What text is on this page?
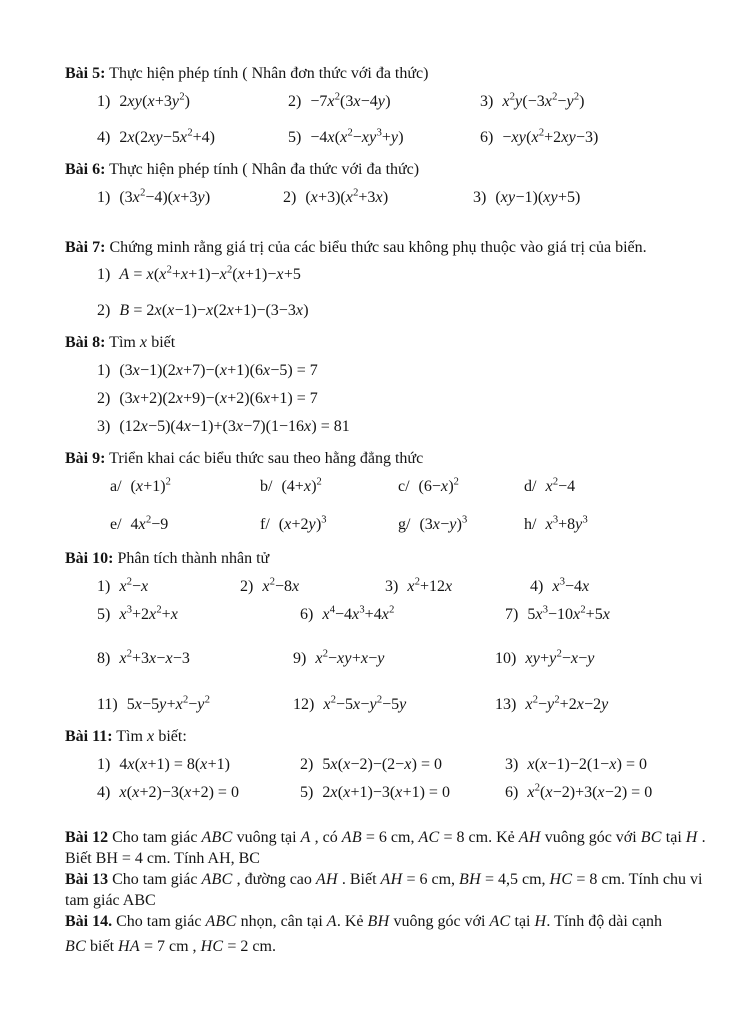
Bài 5: Thực hiện phép tính ( Nhân đơn thức với đa thức)
1) $2xy(x+3y^2)$	$2) -7x^2(3x-4y)$	3) $x^2y(-3x^2-y^2)$
4) $2x(2xy-5x^2+4)$	$5) -4x(x^2-xy^3+y)$	$6) -xy(x^2+2xy-3)$
Bài 6: Thực hiện phép tính ( Nhân đa thức với đa thức)
1) $(3x^2-4)(x+3y)$	2) $(x+3)(x^2+3x)$	3) (xy−1)(xy+5)
Bài 7: Chứng minh rằng giá trị của các biểu thức sau không phụ thuộc vào giá trị của biến.
1) $A = x(x^2+x+1)-x^2(x+1)-x+5$
2) B = 2x(x−1)−x(2x+1)−(3−3x)
Bài 8: Tìm x biết
1) (3x−1)(2x+7)−(x+1)(6x−5) = 7
2) (3x+2)(2x+9)−(x+2)(6x+1) = 7
3) (12x−5)(4x−1)+(3x−7)(1−16x) = 81
Bài 9: Triển khai các biểu thức sau theo hằng đẳng thức
a/ $(x+1)^2$	b/ $(4+x)^2$	c/ $(6-x)^2$	d/ $x^2-4$
e/ $4x^2-9$	f/ $(x+2y)^3$	g/ $(3x-y)^3$	h/ $x^3+8y^3$
Bài 10: Phân tích thành nhân tử
1) $x^2-x$	2) $x^2-8x$	3) $x^2+12x$	4) $x^3-4x$
5) $x^3+2x^2+x$	6) $x^4-4x^3+4x^2$	7) $5x^3-10x^2+5x$
8) $x^2+3x-x-3$	9) $x^2-xy+x-y$	10) $xy+y^2-x-y$
11) $5x-5y+x^2-y^2$	12) $x^2-5x-y^2-5y$	13) $x^2-y^2+2x-2y$
Bài 11: Tìm x biết:
1) 4x(x+1) = 8(x+1)	2) 5x(x−2)−(2−x) = 0	3) x(x−1)−2(1−x) = 0
4) x(x+2)−3(x+2) = 0	5) 2x(x+1)−3(x+1) = 0	6) $x^2(x-2)+3(x-2) = 0$

Bài 12 Cho tam giác ABC vuông tại A , có AB = 6 cm, AC = 8 cm. Kẻ AH vuông góc với BC tại H . Biết BH = 4 cm. Tính AH, BC

Bài 13 Cho tam giác ABC , đường cao AH . Biết AH = 6 cm, BH = 4,5 cm, HC = 8 cm. Tính chu vi tam giác ABC

Bài 14. Cho tam giác ABC nhọn, cân tại A. Kẻ BH vuông góc với AC tại H. Tính độ dài cạnh

BC biết HA = 7 cm , HC = 2 cm.
